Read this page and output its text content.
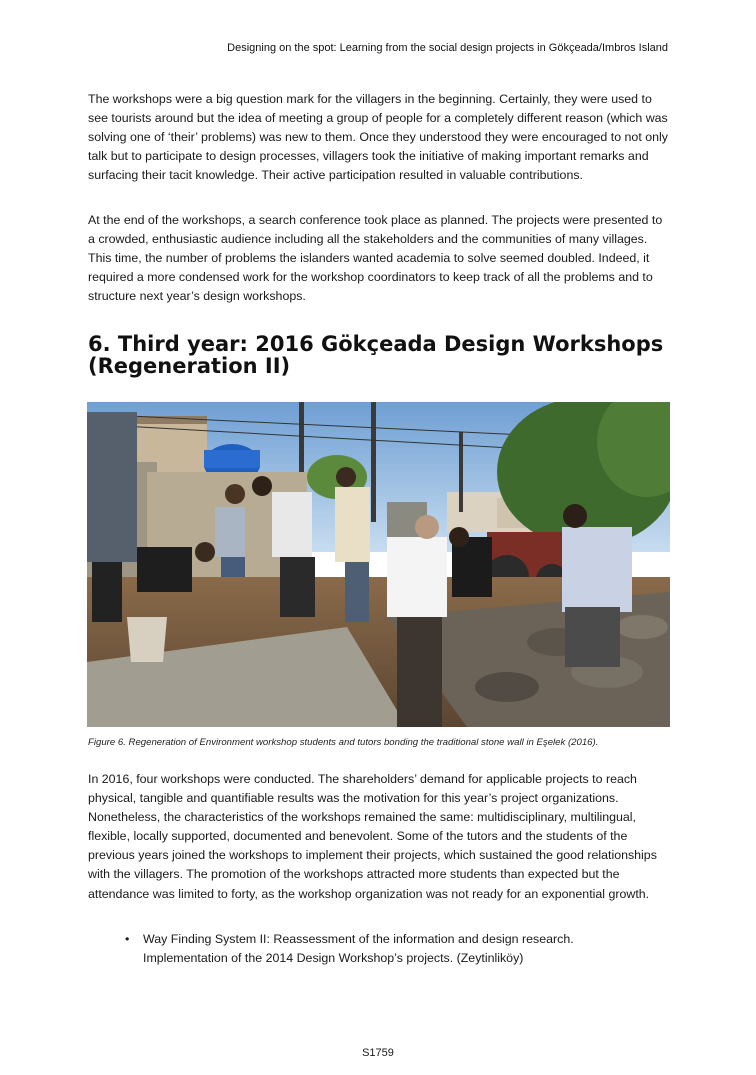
Designing on the spot: Learning from the social design projects in Gökçeada/Imbros Island

The workshops were a big question mark for the villagers in the beginning. Certainly, they were used to see tourists around but the idea of meeting a group of people for a completely different reason (which was solving one of ‘their’ problems) was new to them. Once they understood they were encouraged to not only talk but to participate to design processes, villagers took the initiative of making important remarks and surfacing their tacit knowledge. Their active participation resulted in valuable contributions.

At the end of the workshops, a search conference took place as planned. The projects were presented to a crowded, enthusiastic audience including all the stakeholders and the communities of many villages. This time, the number of problems the islanders wanted academia to solve seemed doubled. Indeed, it required a more condensed work for the workshop coordinators to keep track of all the problems and to structure next year’s design workshops.

6. Third year: 2016 Gökçeada Design Workshops (Regeneration II)

Figure 6. Regeneration of Environment workshop students and tutors bonding the traditional stone wall in Eşelek (2016).

In 2016, four workshops were conducted. The shareholders’ demand for applicable projects to reach physical, tangible and quantifiable results was the motivation for this year’s project organizations. Nonetheless, the characteristics of the workshops remained the same: multidisciplinary, multilingual, flexible, locally supported, documented and benevolent. Some of the tutors and the students of the previous years joined the workshops to implement their projects, which sustained the good relationships with the villagers. The promotion of the workshops attracted more students than expected but the attendance was limited to forty, as the workshop organization was not ready for an exponential growth.

• Way Finding System II: Reassessment of the information and design research.
Implementation of the 2014 Design Workshop’s projects. (Zeytinliköy)
S1759
